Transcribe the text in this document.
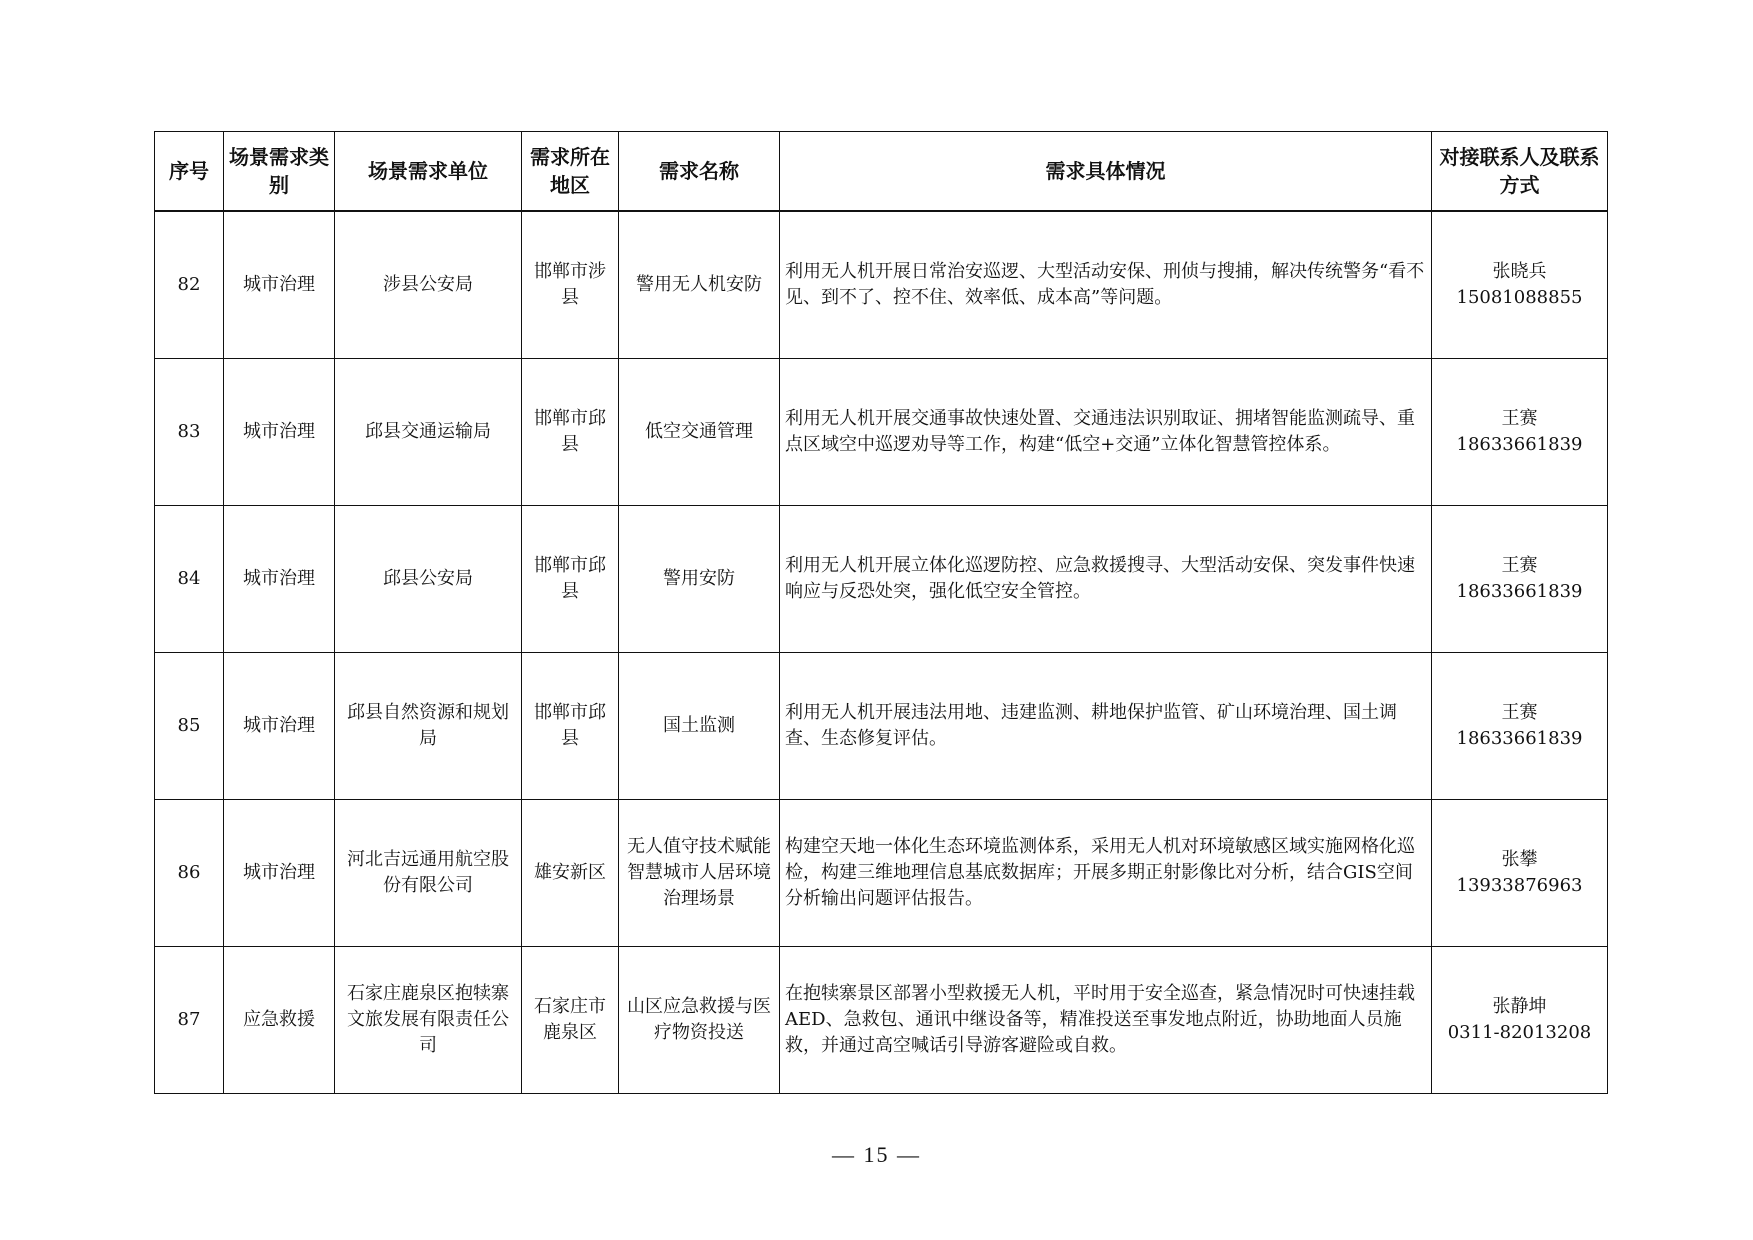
序号	场景需求类别	场景需求单位	需求所在地区	需求名称	需求具体情况	对接联系人及联系方式
82	城市治理	涉县公安局	邯郸市涉县	警用无人机安防	利用无人机开展日常治安巡逻、大型活动安保、刑侦与搜捕，解决传统警务“看不见、到不了、控不住、效率低、成本高”等问题。	张晓兵
15081088855

83	城市治理	邱县交通运输局	邯郸市邱县	低空交通管理	利用无人机开展交通事故快速处置、交通违法识别取证、拥堵智能监测疏导、重点区域空中巡逻劝导等工作，构建“低空+交通”立体化智慧管控体系。	王赛
18633661839

84	城市治理	邱县公安局	邯郸市邱县	警用安防	利用无人机开展立体化巡逻防控、应急救援搜寻、大型活动安保、突发事件快速响应与反恐处突，强化低空安全管控。	王赛
18633661839

85	城市治理	邱县自然资源和规划局	邯郸市邱县	国土监测	利用无人机开展违法用地、违建监测、耕地保护监管、矿山环境治理、国土调查、生态修复评估。	王赛
18633661839

86	城市治理	河北吉远通用航空股份有限公司	雄安新区	无人值守技术赋能智慧城市人居环境治理场景	构建空天地一体化生态环境监测体系，采用无人机对环境敏感区域实施网格化巡检，构建三维地理信息基底数据库；开展多期正射影像比对分析，结合GIS空间分析输出问题评估报告。	张攀
13933876963

87	应急救援	石家庄鹿泉区抱犊寨文旅发展有限责任公司	石家庄市鹿泉区	山区应急救援与医疗物资投送	在抱犊寨景区部署小型救援无人机，平时用于安全巡查，紧急情况时可快速挂载AED、急救包、通讯中继设备等，精准投送至事发地点附近，协助地面人员施救，并通过高空喊话引导游客避险或自救。	张静坤
0311-82013208
— 15 —
